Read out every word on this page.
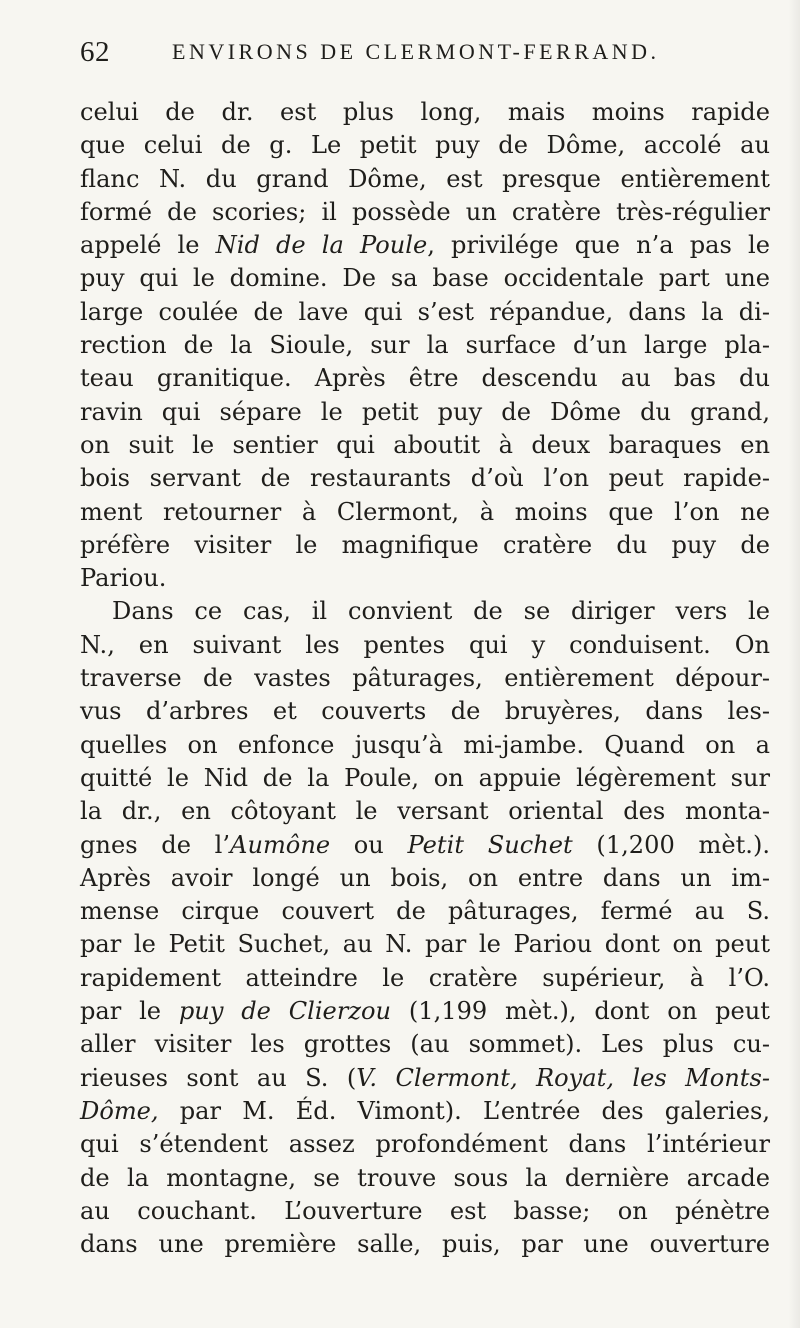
62	ENVIRONS DE CLERMONT-FERRAND.
celui de dr. est plus long, mais moins rapide
que celui de g. Le petit puy de Dôme, accolé au
flanc N. du grand Dôme, est presque entièrement
formé de scories; il possède un cratère très-régulier
appelé le Nid de la Poule, privilége que n’a pas le
puy qui le domine. De sa base occidentale part une
large coulée de lave qui s’est répandue, dans la di-
rection de la Sioule, sur la surface d’un large pla-
teau granitique. Après être descendu au bas du
ravin qui sépare le petit puy de Dôme du grand,
on suit le sentier qui aboutit à deux baraques en
bois servant de restaurants d’où l’on peut rapide-
ment retourner à Clermont, à moins que l’on ne
préfère visiter le magnifique cratère du puy de
Pariou.
Dans ce cas, il convient de se diriger vers le
N., en suivant les pentes qui y conduisent. On
traverse de vastes pâturages, entièrement dépour-
vus d’arbres et couverts de bruyères, dans les-
quelles on enfonce jusqu’à mi-jambe. Quand on a
quitté le Nid de la Poule, on appuie légèrement sur
la dr., en côtoyant le versant oriental des monta-
gnes de l’Aumône ou Petit Suchet (1,200 mèt.).
Après avoir longé un bois, on entre dans un im-
mense cirque couvert de pâturages, fermé au S.
par le Petit Suchet, au N. par le Pariou dont on peut
rapidement atteindre le cratère supérieur, à l’O.
par le puy de Clierzou (1,199 mèt.), dont on peut
aller visiter les grottes (au sommet). Les plus cu-
rieuses sont au S. (V. Clermont, Royat, les Monts-
Dôme, par M. Éd. Vimont). L’entrée des galeries,
qui s’étendent assez profondément dans l’intérieur
de la montagne, se trouve sous la dernière arcade
au couchant. L’ouverture est basse; on pénètre
dans une première salle, puis, par une ouverture
